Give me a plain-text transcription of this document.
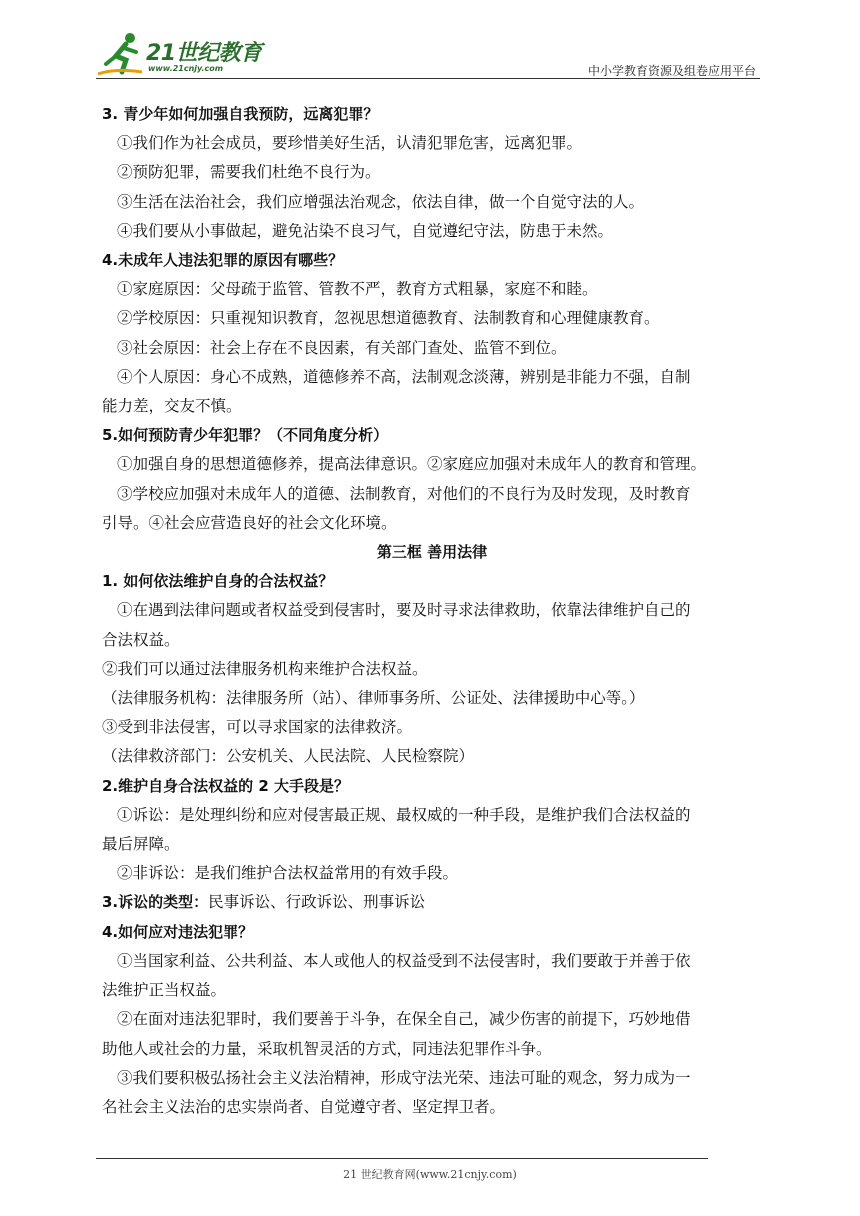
21世纪教育
www.21cnjy.com	中小学教育资源及组卷应用平台
3. 青少年如何加强自我预防，远离犯罪？
①我们作为社会成员，要珍惜美好生活，认清犯罪危害，远离犯罪。
②预防犯罪，需要我们杜绝不良行为。
③生活在法治社会，我们应增强法治观念，依法自律，做一个自觉守法的人。
④我们要从小事做起，避免沾染不良习气，自觉遵纪守法，防患于未然。
4.未成年人违法犯罪的原因有哪些？
①家庭原因：父母疏于监管、管教不严，教育方式粗暴，家庭不和睦。
②学校原因：只重视知识教育，忽视思想道德教育、法制教育和心理健康教育。
③社会原因：社会上存在不良因素，有关部门查处、监管不到位。
④个人原因：身心不成熟，道德修养不高，法制观念淡薄，辨别是非能力不强，自制
能力差，交友不慎。
5.如何预防青少年犯罪？（不同角度分析）
①加强自身的思想道德修养，提高法律意识。②家庭应加强对未成年人的教育和管理。
③学校应加强对未成年人的道德、法制教育，对他们的不良行为及时发现，及时教育
引导。④社会应营造良好的社会文化环境。
第三框 善用法律
1. 如何依法维护自身的合法权益？
①在遇到法律问题或者权益受到侵害时，要及时寻求法律救助，依靠法律维护自己的
合法权益。
②我们可以通过法律服务机构来维护合法权益。
（法律服务机构：法律服务所（站）、律师事务所、公证处、法律援助中心等。）
③受到非法侵害，可以寻求国家的法律救济。
（法律救济部门：公安机关、人民法院、人民检察院）
2.维护自身合法权益的 2 大手段是？
①诉讼：是处理纠纷和应对侵害最正规、最权威的一种手段，是维护我们合法权益的
最后屏障。
②非诉讼：是我们维护合法权益常用的有效手段。
3.诉讼的类型：民事诉讼、行政诉讼、刑事诉讼
4.如何应对违法犯罪？
①当国家利益、公共利益、本人或他人的权益受到不法侵害时，我们要敢于并善于依
法维护正当权益。
②在面对违法犯罪时，我们要善于斗争，在保全自己，减少伤害的前提下，巧妙地借
助他人或社会的力量，采取机智灵活的方式，同违法犯罪作斗争。
③我们要积极弘扬社会主义法治精神，形成守法光荣、违法可耻的观念，努力成为一
名社会主义法治的忠实崇尚者、自觉遵守者、坚定捍卫者。
21 世纪教育网(www.21cnjy.com)
